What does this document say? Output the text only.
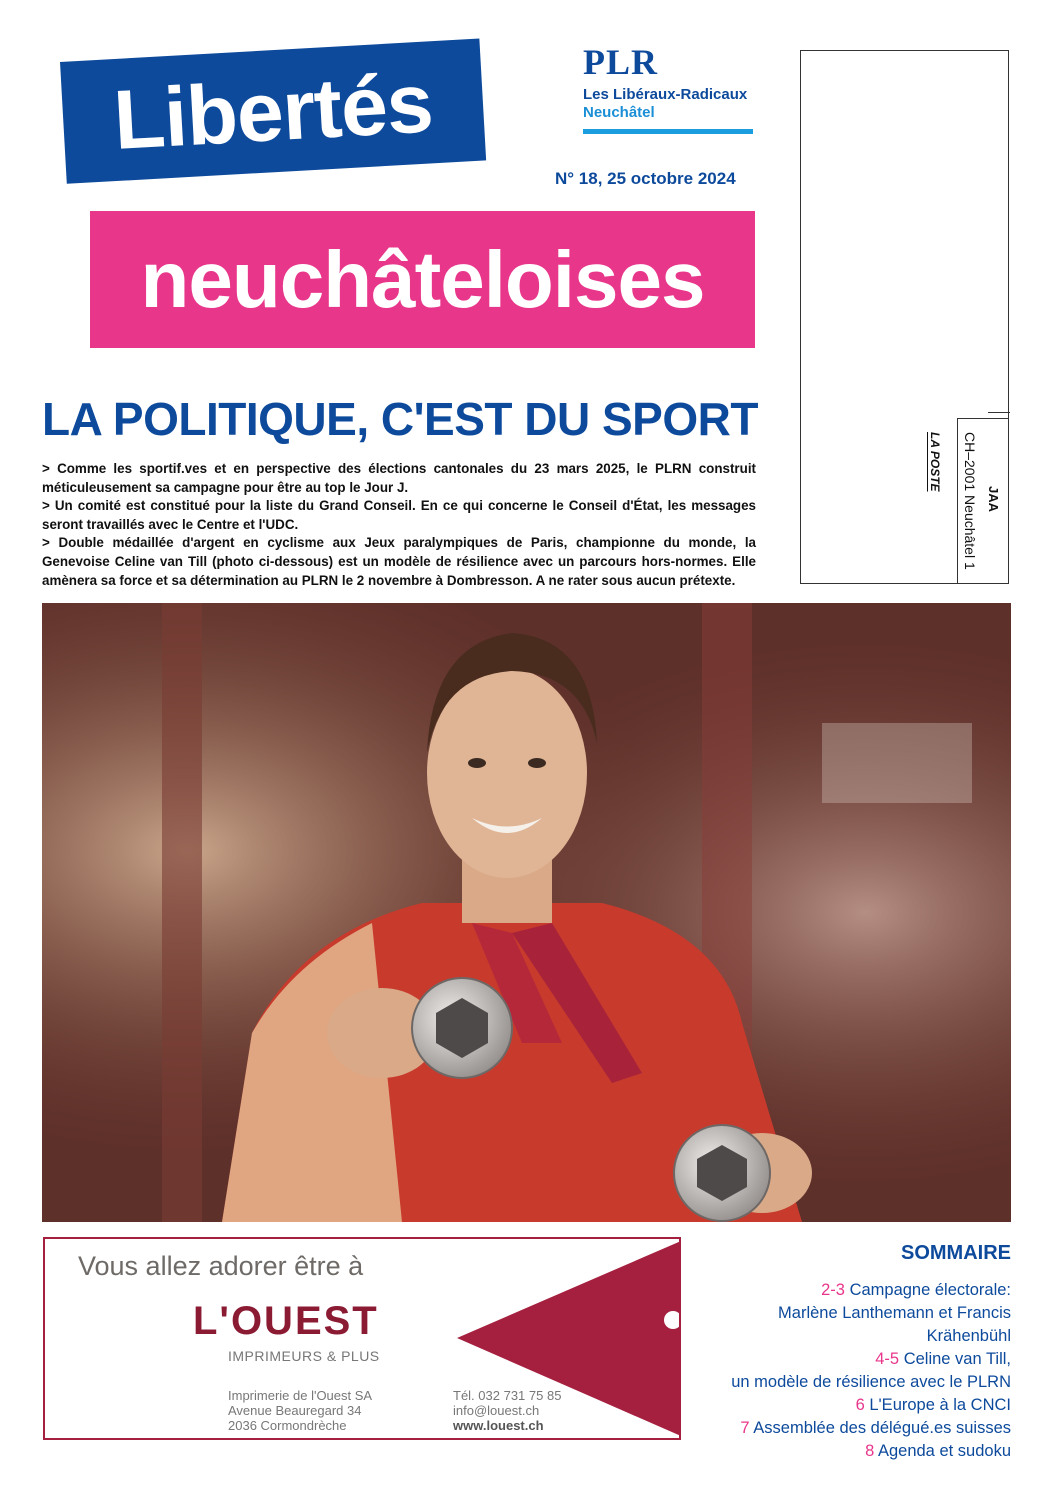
Libertés
neuchâteloises
PLR
Les Libéraux-Radicaux
Neuchâtel
N° 18, 25 octobre 2024
JAA
CH–2001 Neuchâtel 1
LA POSTE
LA POLITIQUE, C'EST DU SPORT

> Comme les sportif.ves et en perspective des élections cantonales du 23 mars 2025, le PLRN construit méticuleusement sa campagne pour être au top le Jour J.

> Un comité est constitué pour la liste du Grand Conseil. En ce qui concerne le Conseil d'État, les messages seront travaillés avec le Centre et l'UDC.

> Double médaillée d'argent en cyclisme aux Jeux paralympiques de Paris, championne du monde, la Genevoise Celine van Till (photo ci-dessous) est un modèle de résilience avec un parcours hors-normes. Elle amènera sa force et sa détermination au PLRN le 2 novembre à Dombresson. A ne rater sous aucun prétexte.

Vous allez adorer être à
L'OUEST
IMPRIMEURS & PLUS
Imprimerie de l'Ouest SA
Avenue Beauregard 34
2036 Cormondrèche
Tél. 032 731 75 85
info@louest.ch
www.louest.ch
SOMMAIRE
2-3 Campagne électorale:
Marlène Lanthemann et Francis Krähenbühl
4-5 Celine van Till,
un modèle de résilience avec le PLRN
6 L'Europe à la CNCI
7 Assemblée des délégué.es suisses
8 Agenda et sudoku
